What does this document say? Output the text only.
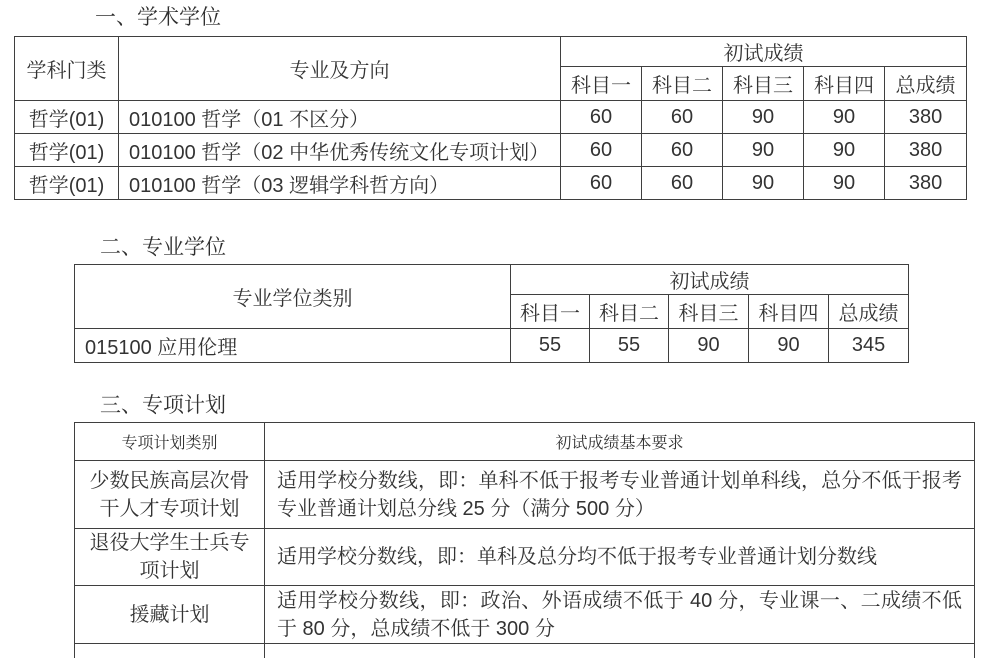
一、学术学位
学科门类	专业及方向	初试成绩				
		科目一	科目二	科目三	科目四	总成绩
哲学(01)	010100 哲学（01 不区分）	60	60	90	90	380
哲学(01)	010100 哲学（02 中华优秀传统文化专项计划）	60	60	90	90	380
哲学(01)	010100 哲学（03 逻辑学科哲方向）	60	60	90	90	380
二、专业学位
专业学位类别	初试成绩				
	科目一	科目二	科目三	科目四	总成绩
015100 应用伦理	55	55	90	90	345
三、专项计划
专项计划类别	初试成绩基本要求
少数民族高层次骨干人才专项计划	适用学校分数线，即：单科不低于报考专业普通计划单科线，总分不低于报考专业普通计划总分线 25 分（满分 500 分）
退役大学生士兵专项计划	适用学校分数线，即：单科及总分均不低于报考专业普通计划分数线
援藏计划	适用学校分数线，即：政治、外语成绩不低于 40 分，专业课一、二成绩不低于 80 分，总成绩不低于 300 分
